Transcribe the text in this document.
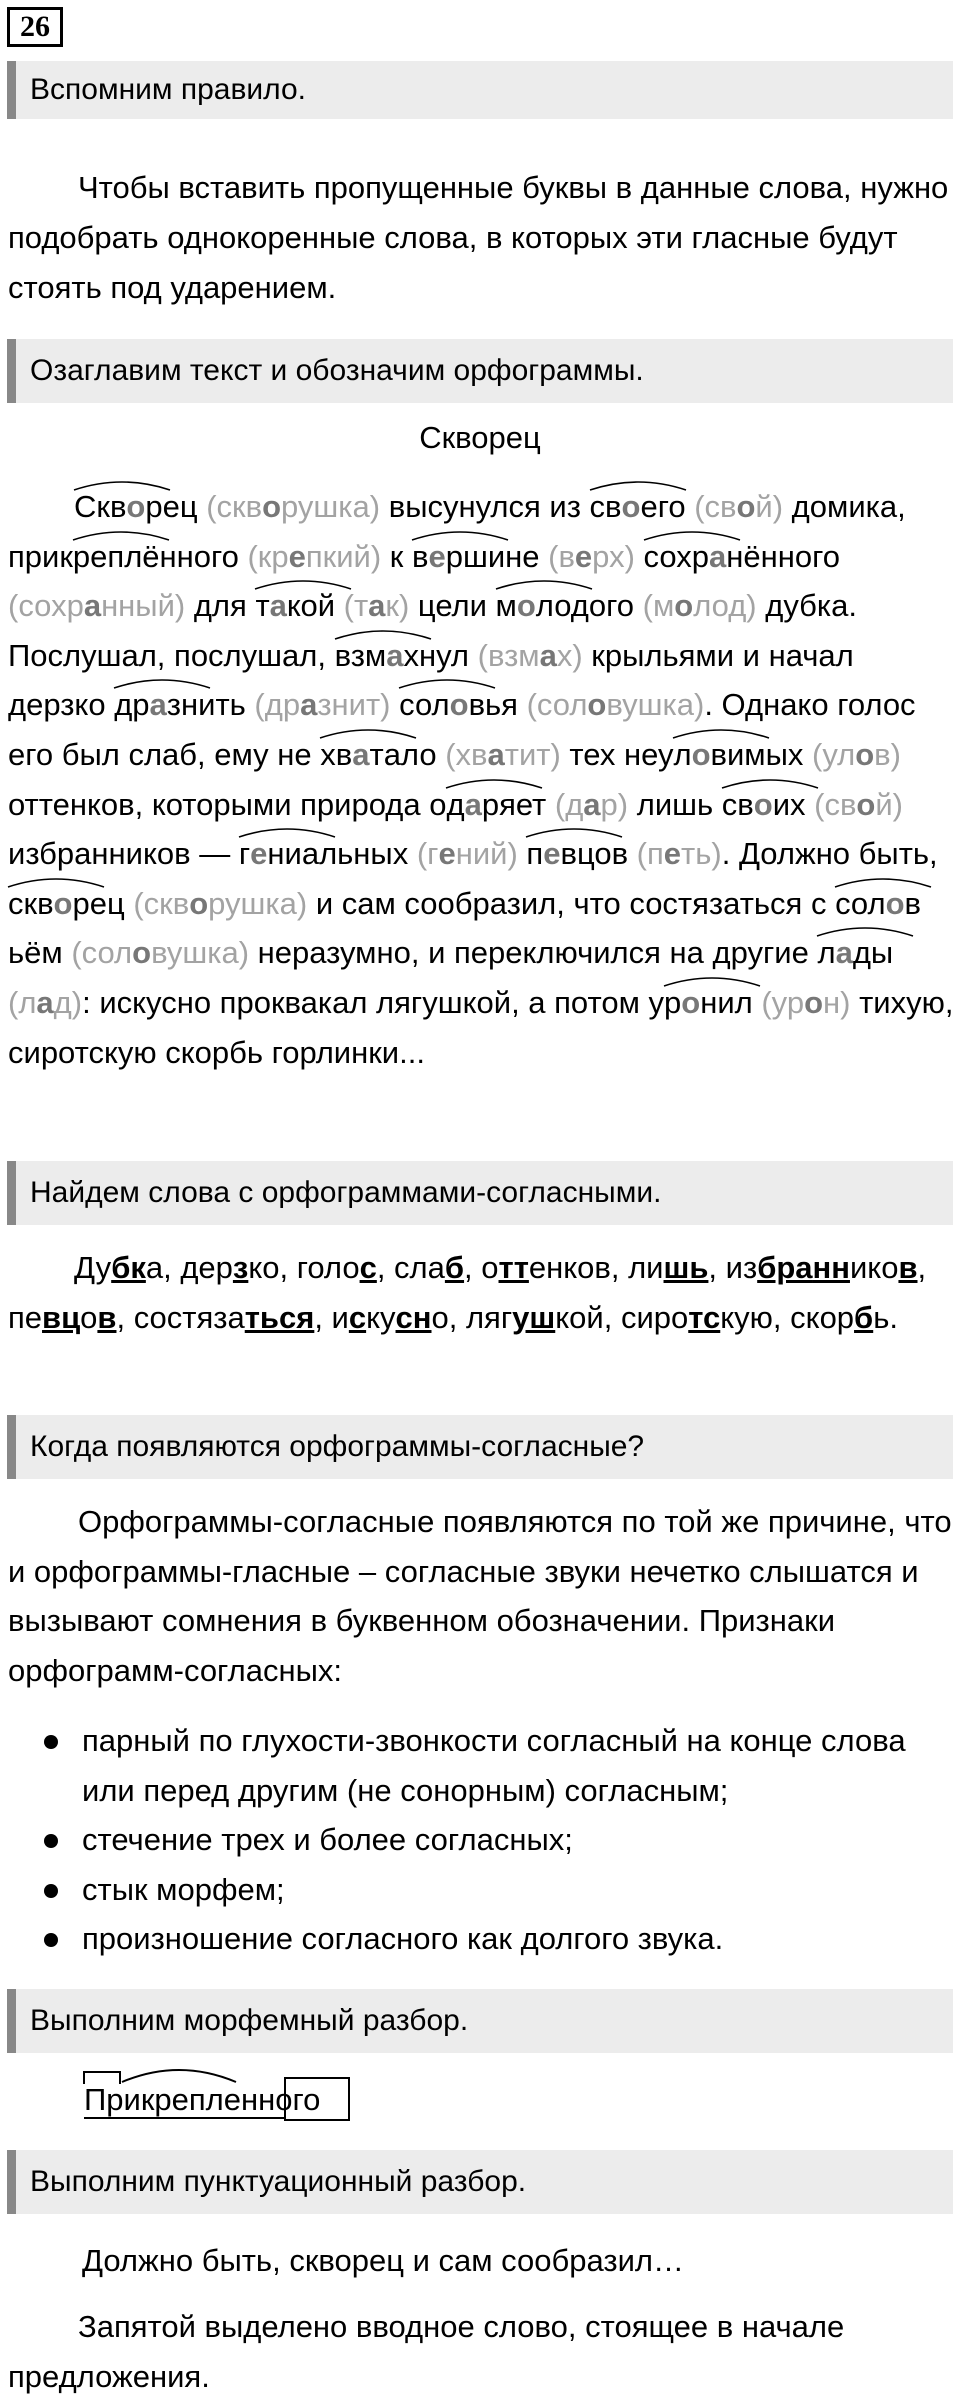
26
Вспомним правило.

Чтобы вставить пропущенные буквы в данные слова, нужно подобрать однокоренные слова, в которых эти гласные будут стоять под ударением.

Озаглавим текст и обозначим орфограммы.
Скворец

Скворец (скворушка) высунулся из сво
его (свой) домика, прикреп
лённого (крепкий) к верш
ине (верх) сохран
ённого (сохранный) для так
ой (так) цели молод
ого (молод) дубка. Послушал, послушал, взмах
нул (взмах) крыльями и начал дерзко дразн
ить (дразнит) солов
ья (соловушка). Однако голос его был слаб, ему не хват
ало (хватит) тех неулов
имых (улов) оттенков, которыми природа одар
яет (дар) лишь сво
их (свой) избранников — гени
альных (гений) пе
вцов (петь). Должно быть, скворец (скворушка) и сам сообразил, что состязаться с солов
ьём (соловушка) неразумно, и переключился на другие лад
ы (лад): искусно проквакал лягушкой, а потом урон
ил (урон) тихую, сиротскую скорбь горлинки...

Найдем слова с орфограммами-согласными.

Дубка, дерзко, голос, слаб, оттенков, лишь, избранников, певцов, состязаться, искусно, лягушкой, сиротскую, скорбь.

Когда появляются орфограммы-согласные?

Орфограммы-согласные появляются по той же причине, что и орфограммы-гласные – согласные звуки нечетко слышатся и вызывают сомнения в буквенном обозначении. Признаки орфограмм-согласных:

парный по глухости-звонкости согласный на конце слова или перед другим (не сонорным) согласным;
стечение трех и более согласных;
стык морфем;
произношение согласного как долгого звука.
Выполним морфемный разбор.
Прикрепленного
Выполним пунктуационный разбор.

Должно быть, скворец и сам сообразил…

Запятой выделено вводное слово, стоящее в начале предложения.
